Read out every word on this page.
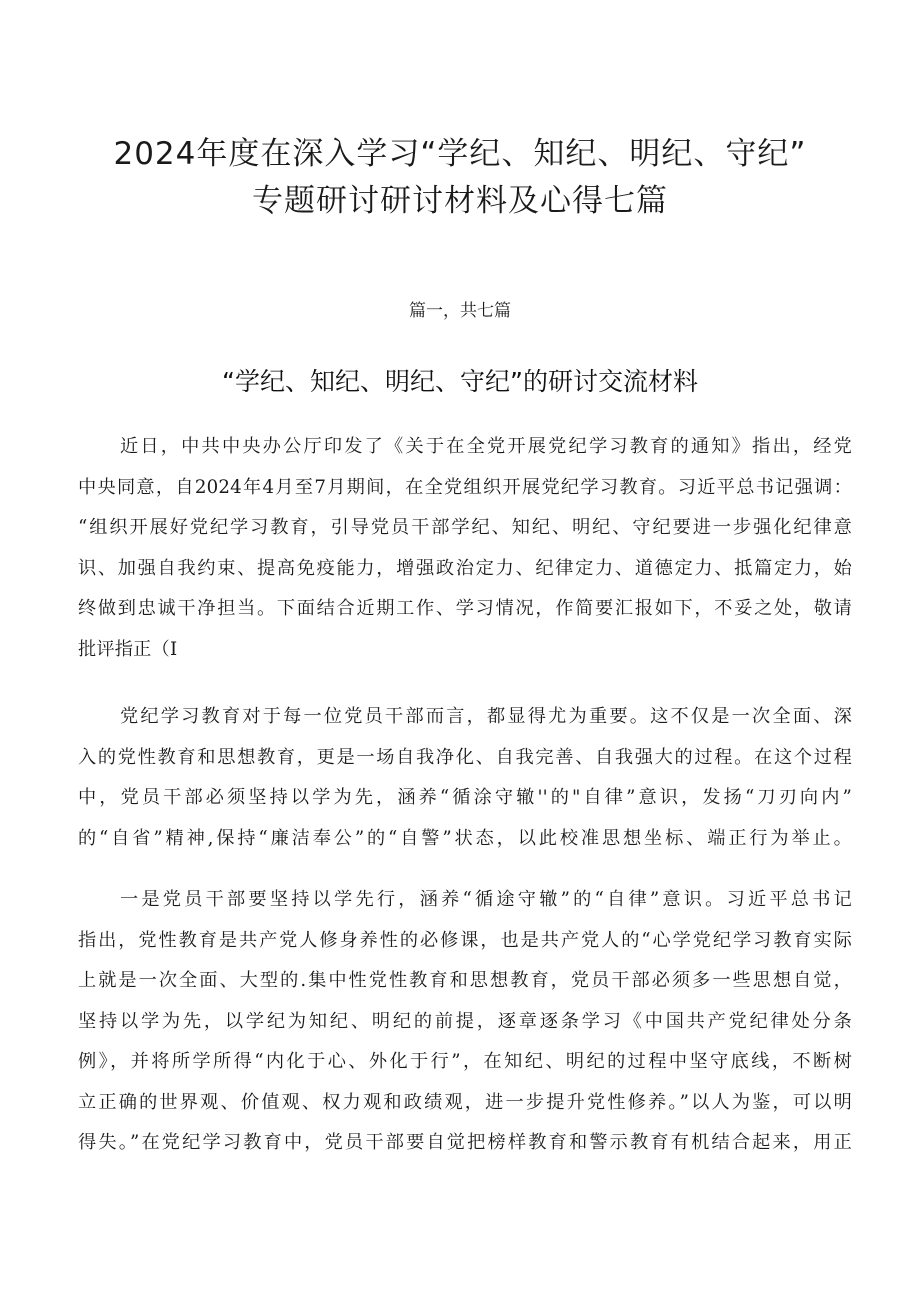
2024年度在深入学习“学纪、知纪、明纪、守纪”
专题研讨研讨材料及心得七篇
篇一，共七篇
“学纪、知纪、明纪、守纪”的研讨交流材料
近日，中共中央办公厅印发了《关于在全党开展党纪学习教育的通知》指出，经党
中央同意，自2024年4月至7月期间，在全党组织开展党纪学习教育。习近平总书记强调：
“组织开展好党纪学习教育，引导党员干部学纪、知纪、明纪、守纪要进一步强化纪律意
识、加强自我约束、提高免疫能力，增强政治定力、纪律定力、道德定力、抵篇定力，始
终做到忠诚干净担当。下面结合近期工作、学习情况，作简要汇报如下，不妥之处，敬请
批评指正（I
党纪学习教育对于每一位党员干部而言，都显得尤为重要。这不仅是一次全面、深
入的党性教育和思想教育，更是一场自我净化、自我完善、自我强大的过程。在这个过程
中，党员干部必须坚持以学为先，涵养“循涂守辙''的"自律”意识，发扬“刀刃向内”
的“自省”精神,保持“廉洁奉公”的“自警”状态，以此校准思想坐标、端正行为举止。
一是党员干部要坚持以学先行，涵养“循途守辙”的“自律”意识。习近平总书记
指出，党性教育是共产党人修身养性的必修课，也是共产党人的“心学党纪学习教育实际
上就是一次全面、大型的.集中性党性教育和思想教育，党员干部必须多一些思想自觉，
坚持以学为先，以学纪为知纪、明纪的前提，逐章逐条学习《中国共产党纪律处分条
例》，并将所学所得“内化于心、外化于行”，在知纪、明纪的过程中坚守底线，不断树
立正确的世界观、价值观、权力观和政绩观，进一步提升党性修养。”以人为鉴，可以明
得失。”在党纪学习教育中，党员干部要自觉把榜样教育和警示教育有机结合起来，用正
